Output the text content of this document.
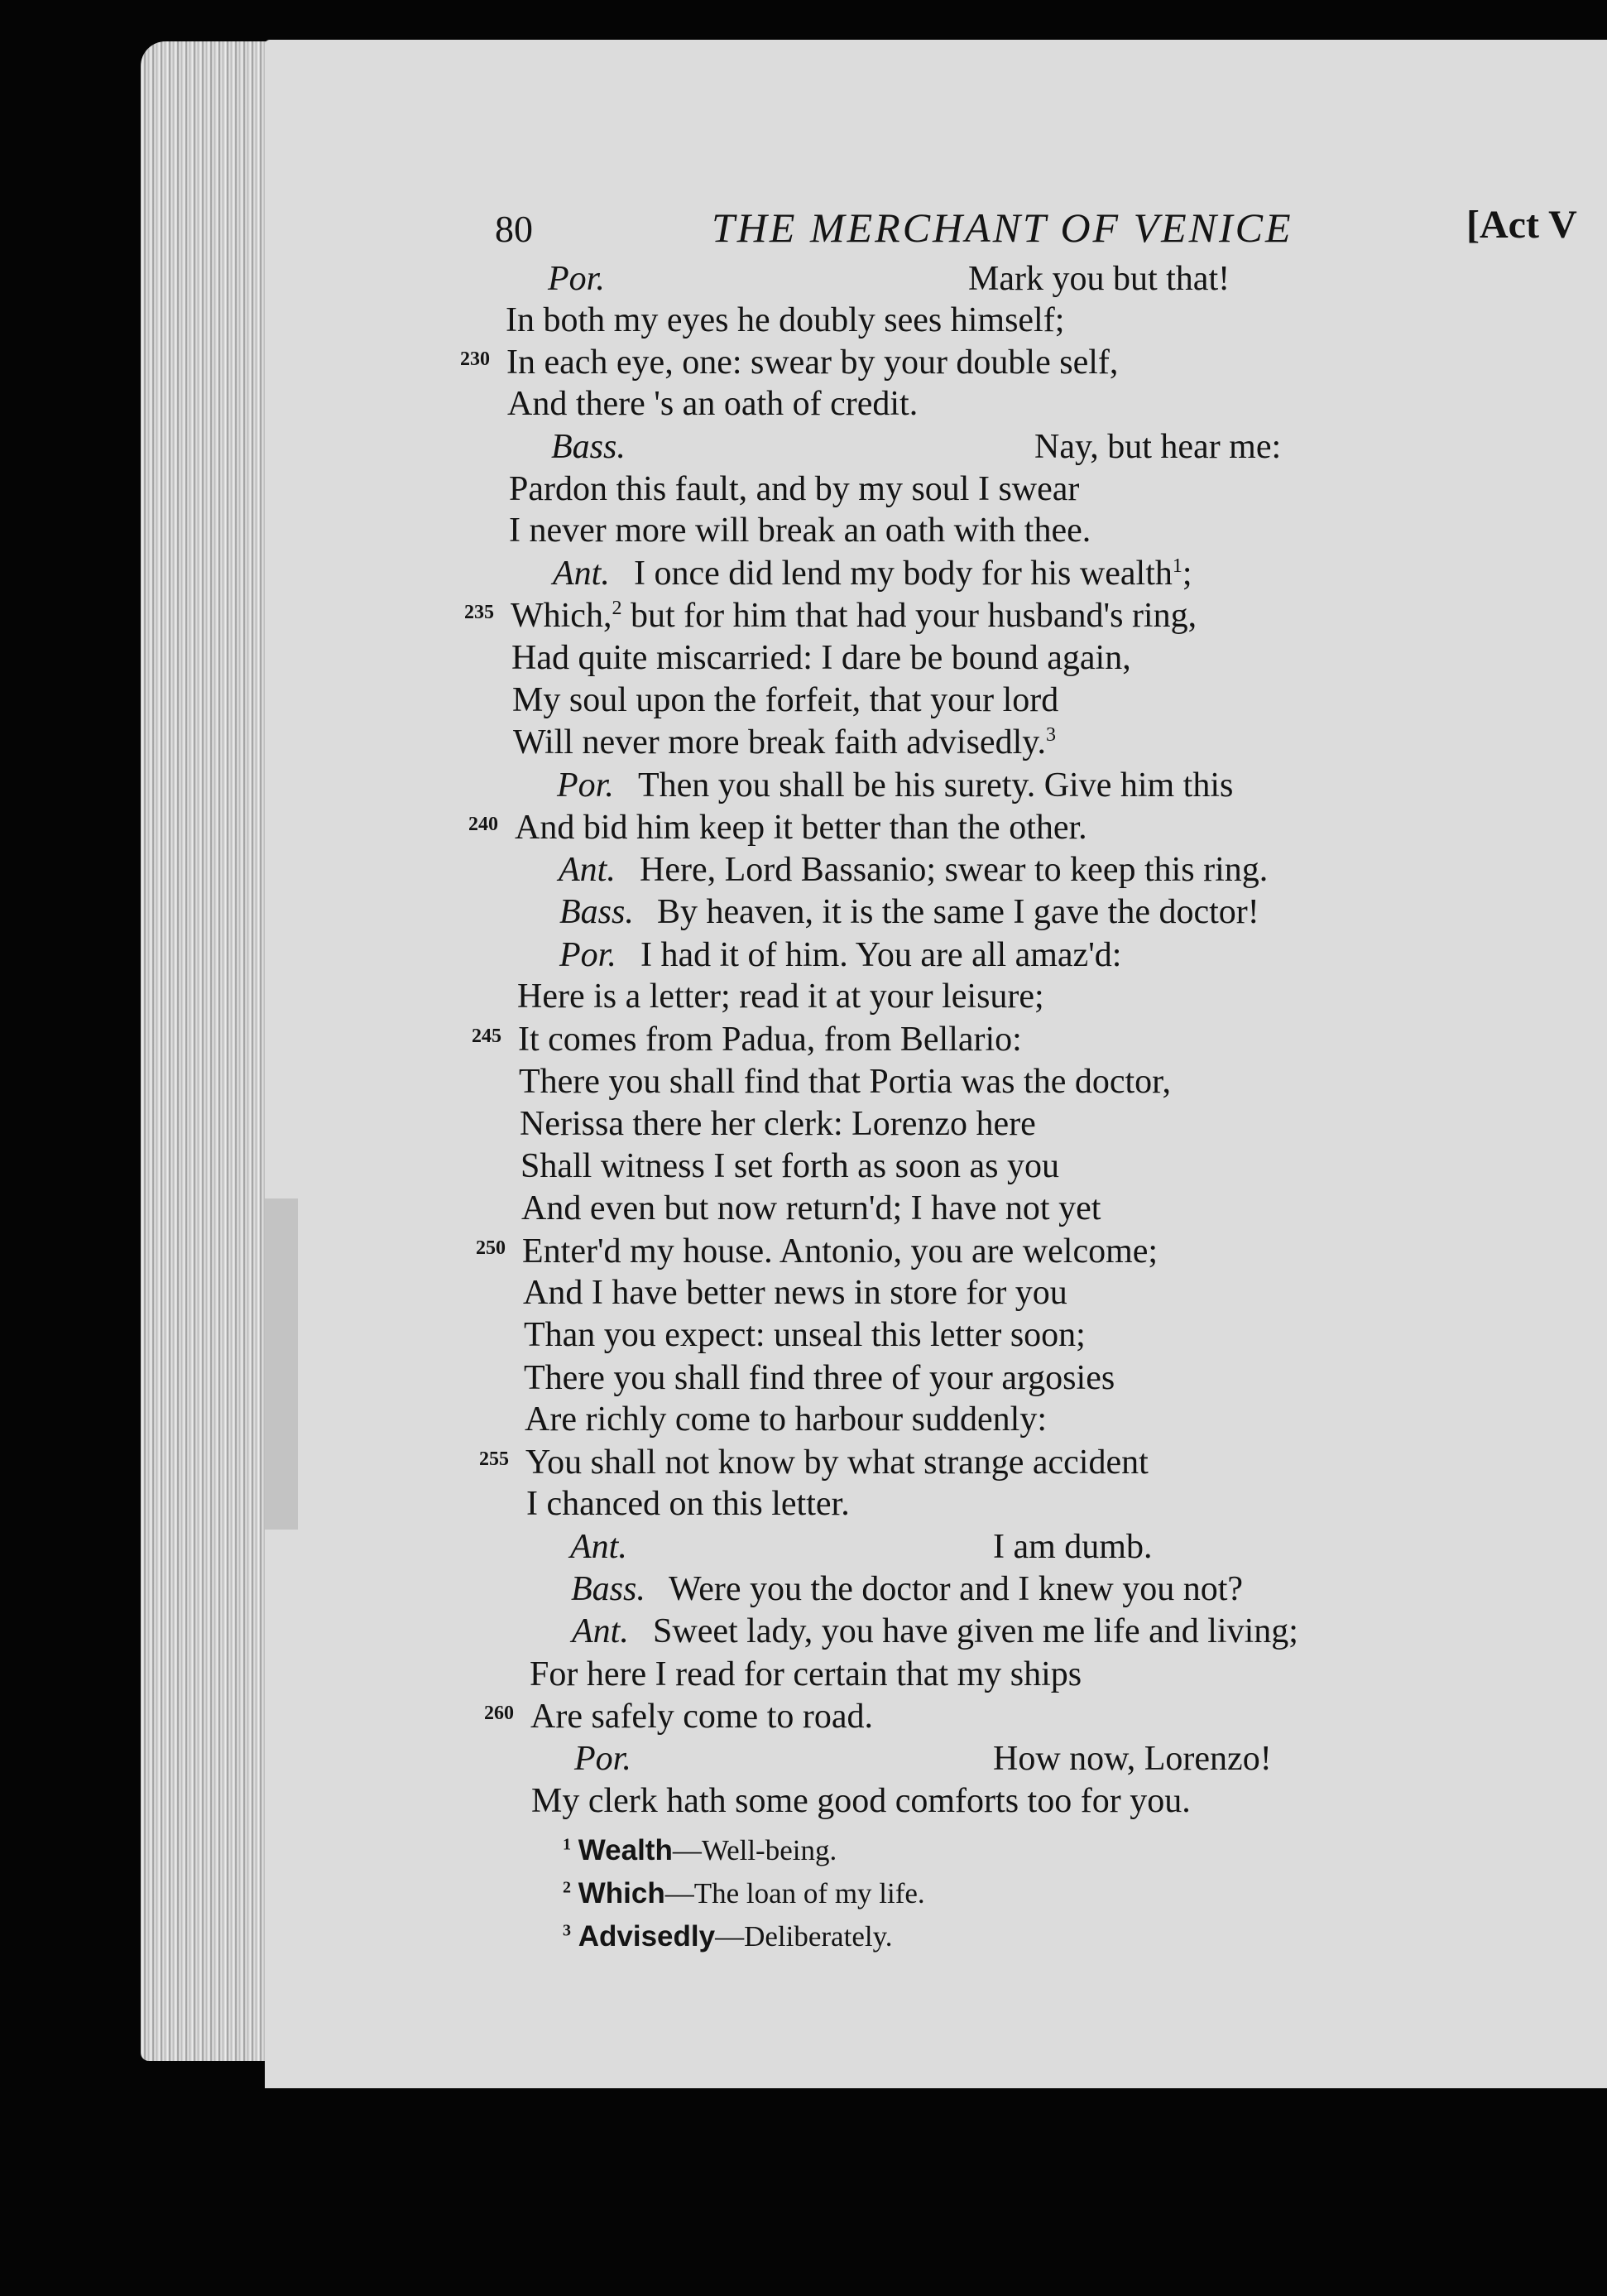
80	THE MERCHANT OF VENICE	[Act V
Por.	Mark you but that!
In both my eyes he doubly sees himself;
230 In each eye, one: swear by your double self,
And there 's an oath of credit.
Bass.	Nay, but hear me:
Pardon this fault, and by my soul I swear
I never more will break an oath with thee.
Ant. I once did lend my body for his wealth$^1$;
235 Which,$^2$ but for him that had your husband's ring,
Had quite miscarried: I dare be bound again,
My soul upon the forfeit, that your lord
Will never more break faith advisedly.$^3$
Por. Then you shall be his surety. Give him this
240 And bid him keep it better than the other.
Ant. Here, Lord Bassanio; swear to keep this ring.
Bass. By heaven, it is the same I gave the doctor!
Por. I had it of him. You are all amaz'd:
Here is a letter; read it at your leisure;
245 It comes from Padua, from Bellario:
There you shall find that Portia was the doctor,
Nerissa there her clerk: Lorenzo here
Shall witness I set forth as soon as you
And even but now return'd; I have not yet
250 Enter'd my house. Antonio, you are welcome;
And I have better news in store for you
Than you expect: unseal this letter soon;
There you shall find three of your argosies
Are richly come to harbour suddenly:
255 You shall not know by what strange accident
I chanced on this letter.
Ant.	I am dumb.
Bass. Were you the doctor and I knew you not?
Ant. Sweet lady, you have given me life and living;
For here I read for certain that my ships
260 Are safely come to road.
Por.	How now, Lorenzo!
My clerk hath some good comforts too for you.
$^1$ Wealth—Well-being.
$^2$ Which—The loan of my life.
$^3$ Advisedly—Deliberately.
